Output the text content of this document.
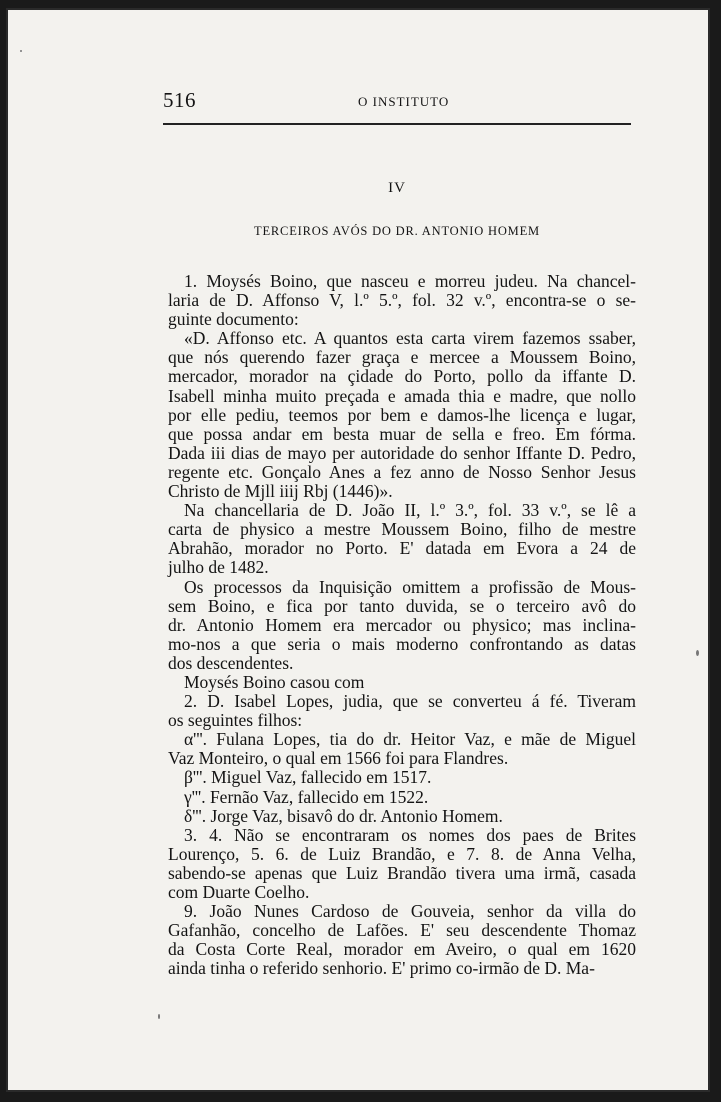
516	O INSTITUTO
IV
TERCEIROS AVÓS DO DR. ANTONIO HOMEM

1. Moysés Boino, que nasceu e morreu judeu. Na chancel-
laria de D. Affonso V, l.º 5.º, fol. 32 v.º, encontra-se o se-
guinte documento:

«D. Affonso etc. A quantos esta carta virem fazemos ssaber,
que nós querendo fazer graça e mercee a Moussem Boino,
mercador, morador na çidade do Porto, pollo da iffante D.
Isabell minha muito preçada e amada thia e madre, que nollo
por elle pediu, teemos por bem e damos-lhe licença e lugar,
que possa andar em besta muar de sella e freo. Em fórma.
Dada iii dias de mayo per autoridade do senhor Iffante D. Pedro,
regente etc. Gonçalo Anes a fez anno de Nosso Senhor Jesus
Christo de Mjll iiij Rbj (1446)».

Na chancellaria de D. João II, l.º 3.º, fol. 33 v.º, se lê a
carta de physico a mestre Moussem Boino, filho de mestre
Abrahão, morador no Porto. E' datada em Evora a 24 de
julho de 1482.

Os processos da Inquisição omittem a profissão de Mous-
sem Boino, e fica por tanto duvida, se o terceiro avô do
dr. Antonio Homem era mercador ou physico; mas inclina-
mo-nos a que seria o mais moderno confrontando as datas
dos descendentes.

Moysés Boino casou com

2. D. Isabel Lopes, judia, que se converteu á fé. Tiveram
os seguintes filhos:

α'''. Fulana Lopes, tia do dr. Heitor Vaz, e mãe de Miguel
Vaz Monteiro, o qual em 1566 foi para Flandres.

β'''. Miguel Vaz, fallecido em 1517.

γ'''. Fernão Vaz, fallecido em 1522.

δ'''. Jorge Vaz, bisavô do dr. Antonio Homem.

3. 4. Não se encontraram os nomes dos paes de Brites
Lourenço, 5. 6. de Luiz Brandão, e 7. 8. de Anna Velha,
sabendo-se apenas que Luiz Brandão tivera uma irmã, casada
com Duarte Coelho.

9. João Nunes Cardoso de Gouveia, senhor da villa do
Gafanhão, concelho de Lafões. E' seu descendente Thomaz
da Costa Corte Real, morador em Aveiro, o qual em 1620
ainda tinha o referido senhorio. E' primo co-irmão de D. Ma-
